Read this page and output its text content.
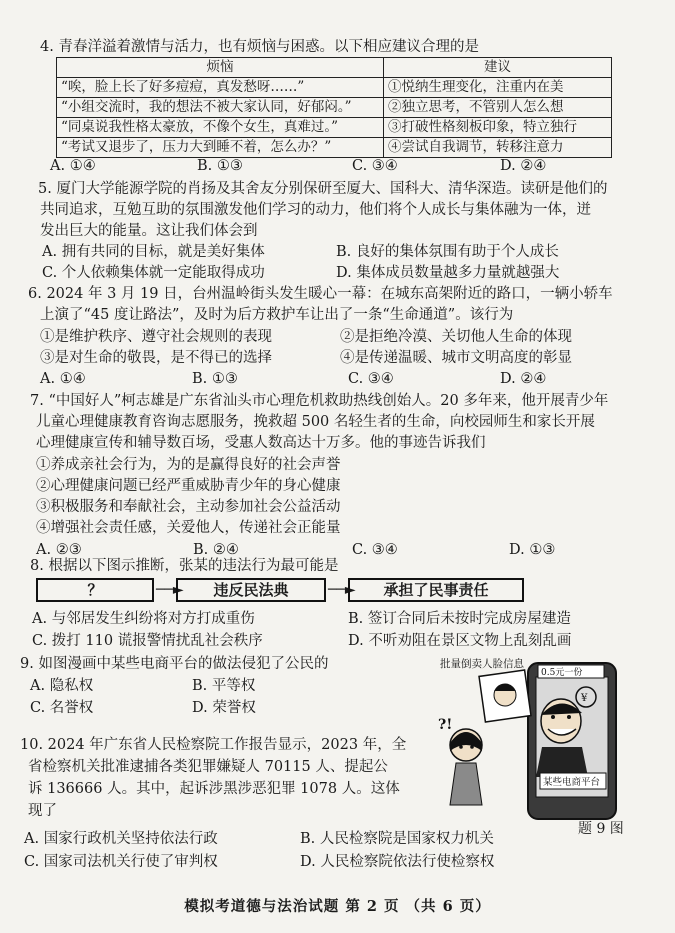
4. 青春洋溢着激情与活力，也有烦恼与困惑。以下相应建议合理的是
烦恼	建议
“唉，脸上长了好多痘痘，真发愁呀……”	①悦纳生理变化，注重内在美
“小组交流时，我的想法不被大家认同，好郁闷。”	②独立思考，不管别人怎么想
“同桌说我性格太豪放，不像个女生，真难过。”	③打破性格刻板印象，特立独行
“考试又退步了，压力大到睡不着，怎么办？”	④尝试自我调节，转移注意力
A. ①④	B. ①③	C. ③④	D. ②④
5. 厦门大学能源学院的肖扬及其舍友分别保研至厦大、国科大、清华深造。读研是他们的
共同追求，互勉互助的氛围激发他们学习的动力，他们将个人成长与集体融为一体，迸
发出巨大的能量。这让我们体会到
A. 拥有共同的目标，就是美好集体	B. 良好的集体氛围有助于个人成长
C. 个人依赖集体就一定能取得成功	D. 集体成员数量越多力量就越强大
6. 2024 年 3 月 19 日，台州温岭街头发生暖心一幕：在城东高架附近的路口，一辆小轿车
上演了“45 度让路法”，及时为后方救护车让出了一条“生命通道”。该行为
①是维护秩序、遵守社会规则的表现	②是拒绝冷漠、关切他人生命的体现
③是对生命的敬畏，是不得已的选择	④是传递温暖、城市文明高度的彰显
A. ①④	B. ①③	C. ③④	D. ②④
7. “中国好人”柯志雄是广东省汕头市心理危机救助热线创始人。20 多年来，他开展青少年
儿童心理健康教育咨询志愿服务，挽救超 500 名轻生者的生命，向校园师生和家长开展
心理健康宣传和辅导数百场，受惠人数高达十万多。他的事迹告诉我们
①养成亲社会行为，为的是赢得良好的社会声誉
②心理健康问题已经严重威胁青少年的身心健康
③积极服务和奉献社会，主动参加社会公益活动
④增强社会责任感，关爱他人，传递社会正能量
A. ②③	B. ②④	C. ③④	D. ①③
8. 根据以下图示推断，张某的违法行为最可能是
？	──►	违反民法典	──►	承担了民事责任
A. 与邻居发生纠纷将对方打成重伤	B. 签订合同后未按时完成房屋建造
C. 拨打 110 谎报警情扰乱社会秩序	D. 不听劝阻在景区文物上乱刻乱画
9. 如图漫画中某些电商平台的做法侵犯了公民的
A. 隐私权	B. 平等权
C. 名誉权	D. 荣誉权
批量倒卖人脸信息
0.5元一份
¥
某些电商平台
?!
题 9 图
10. 2024 年广东省人民检察院工作报告显示，2023 年，全
省检察机关批准逮捕各类犯罪嫌疑人 70115 人、提起公
诉 136666 人。其中，起诉涉黑涉恶犯罪 1078 人。这体
现了
A. 国家行政机关坚持依法行政	B. 人民检察院是国家权力机关
C. 国家司法机关行使了审判权	D. 人民检察院依法行使检察权
模拟考道德与法治试题 第 2 页 （共 6 页）
